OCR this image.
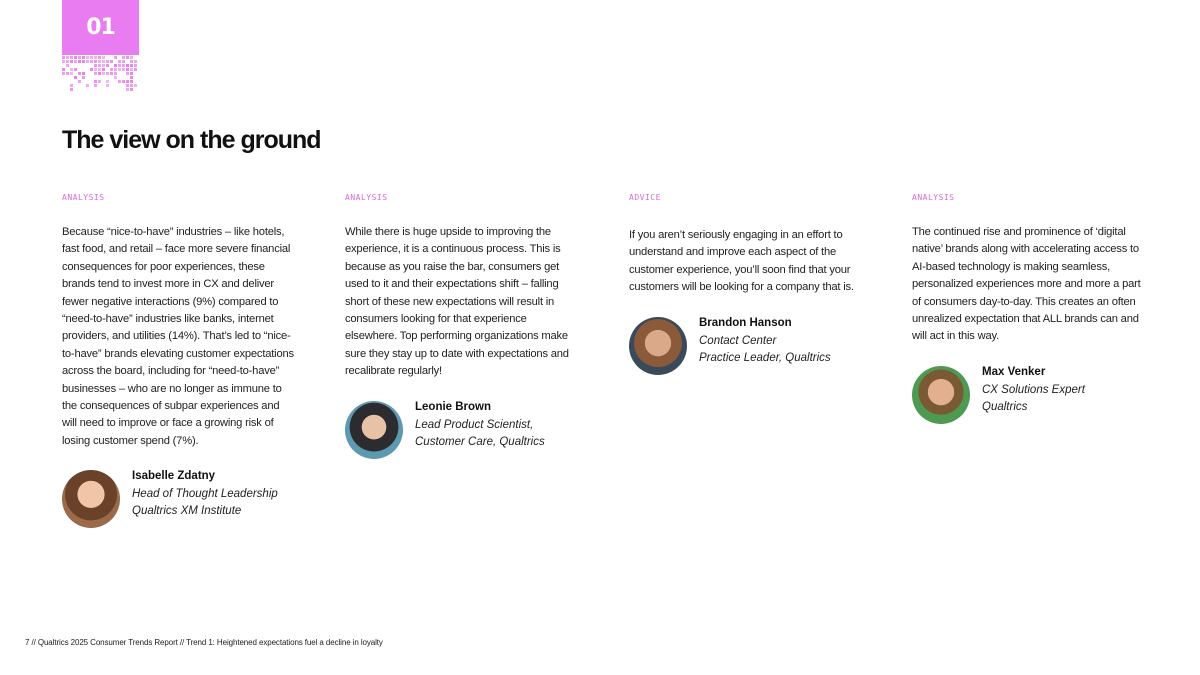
01
The view on the ground

ANALYSIS

Because “nice-to-have” industries – like hotels, fast food, and retail – face more severe financial consequences for poor experiences, these brands tend to invest more in CX and deliver fewer negative interactions (9%) compared to “need-to-have” industries like banks, internet providers, and utilities (14%). That’s led to “nice-to-have” brands elevating customer expectations across the board, including for “need-to-have” businesses – who are no longer as immune to the consequences of subpar experiences and will need to improve or face a growing risk of losing customer spend (7%).

Isabelle Zdatny

Head of Thought Leadership

Qualtrics XM Institute

ANALYSIS

While there is huge upside to improving the experience, it is a continuous process. This is because as you raise the bar, consumers get used to it and their expectations shift – falling short of these new expectations will result in consumers looking for that experience elsewhere. Top performing organizations make sure they stay up to date with expectations and recalibrate regularly!

Leonie Brown

Lead Product Scientist,

Customer Care, Qualtrics

ADVICE

If you aren’t seriously engaging in an effort to understand and improve each aspect of the customer experience, you’ll soon find that your customers will be looking for a company that is.

Brandon Hanson

Contact Center

Practice Leader, Qualtrics

ANALYSIS

The continued rise and prominence of ‘digital native’ brands along with accelerating access to AI-based technology is making seamless, personalized experiences more and more a part of consumers day-to-day. This creates an often unrealized expectation that ALL brands can and will act in this way.

Max Venker

CX Solutions Expert

Qualtrics

7 // Qualtrics 2025 Consumer Trends Report // Trend 1: Heightened expectations fuel a decline in loyalty
